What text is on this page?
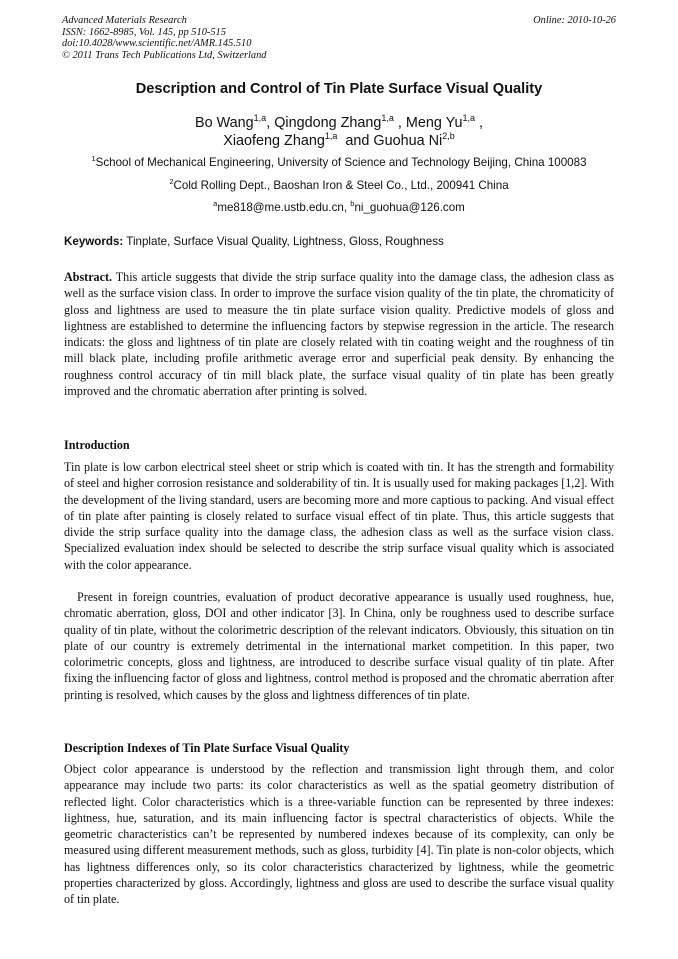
Advanced Materials Research
ISSN: 1662-8985, Vol. 145, pp 510-515
doi:10.4028/www.scientific.net/AMR.145.510
© 2011 Trans Tech Publications Ltd, Switzerland
Online: 2010-10-26
Description and Control of Tin Plate Surface Visual Quality
Bo Wang$^{1,a}$, Qingdong Zhang$^{1,a}$ , Meng Yu$^{1,a}$ ,
Xiaofeng Zhang$^{1,a}$  and Guohua Ni$^{2,b}$
$^1$School of Mechanical Engineering, University of Science and Technology Beijing, China 100083
$^2$Cold Rolling Dept., Baoshan Iron & Steel Co., Ltd., 200941 China
$^a$me818@me.ustb.edu.cn, $^b$ni_guohua@126.com
Keywords: Tinplate, Surface Visual Quality, Lightness, Gloss, Roughness

Abstract. This article suggests that divide the strip surface quality into the damage class, the adhesion class as well as the surface vision class. In order to improve the surface vision quality of the tin plate, the chromaticity of gloss and lightness are used to measure the tin plate surface vision quality. Predictive models of gloss and lightness are established to determine the influencing factors by stepwise regression in the article. The research indicats: the gloss and lightness of tin plate are closely related with tin coating weight and the roughness of tin mill black plate, including profile arithmetic average error and superficial peak density. By enhancing the roughness control accuracy of tin mill black plate, the surface visual quality of tin plate has been greatly improved and the chromatic aberration after printing is solved.

Introduction

Tin plate is low carbon electrical steel sheet or strip which is coated with tin. It has the strength and formability of steel and higher corrosion resistance and solderability of tin. It is usually used for making packages [1,2]. With the development of the living standard, users are becoming more and more captious to packing. And visual effect of tin plate after painting is closely related to surface visual effect of tin plate. Thus, this article suggests that divide the strip surface quality into the damage class, the adhesion class as well as the surface vision class. Specialized evaluation index should be selected to describe the strip surface visual quality which is associated with the color appearance.

Present in foreign countries, evaluation of product decorative appearance is usually used roughness, hue, chromatic aberration, gloss, DOI and other indicator [3]. In China, only be roughness used to describe surface quality of tin plate, without the colorimetric description of the relevant indicators. Obviously, this situation on tin plate of our country is extremely detrimental in the international market competition. In this paper, two colorimetric concepts, gloss and lightness, are introduced to describe surface visual quality of tin plate. After fixing the influencing factor of gloss and lightness, control method is proposed and the chromatic aberration after printing is resolved, which causes by the gloss and lightness differences of tin plate.

Description Indexes of Tin Plate Surface Visual Quality

Object color appearance is understood by the reflection and transmission light through them, and color appearance may include two parts: its color characteristics as well as the spatial geometry distribution of reflected light. Color characteristics which is a three-variable function can be represented by three indexes: lightness, hue, saturation, and its main influencing factor is spectral characteristics of objects. While the geometric characteristics can’t be represented by numbered indexes because of its complexity, can only be measured using different measurement methods, such as gloss, turbidity [4]. Tin plate is non-color objects, which has lightness differences only, so its color characteristics characterized by lightness, while the geometric properties characterized by gloss. Accordingly, lightness and gloss are used to describe the surface visual quality of tin plate.
